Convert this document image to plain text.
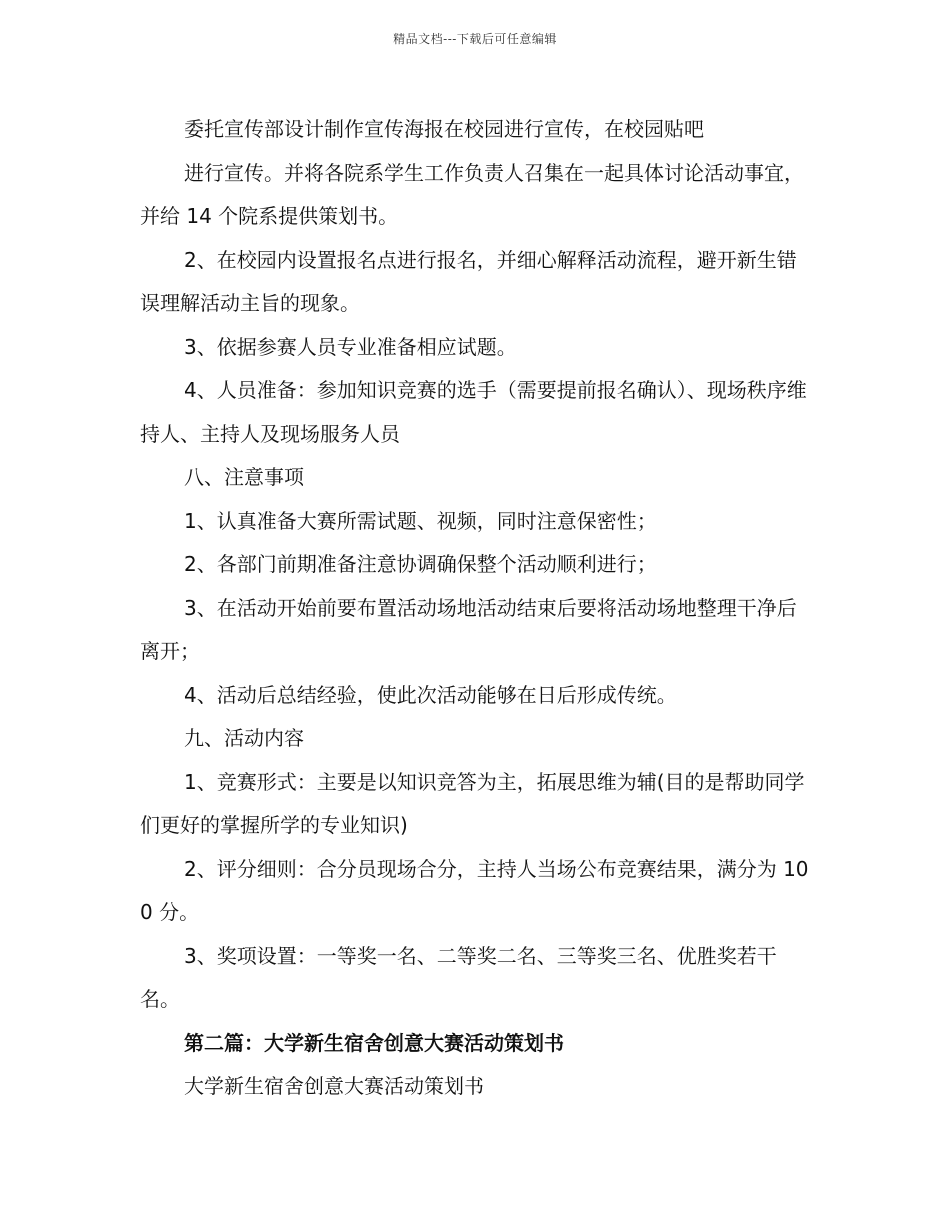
精品文档---下载后可任意编辑

委托宣传部设计制作宣传海报在校园进行宣传，在校园贴吧

进行宣传。并将各院系学生工作负责人召集在一起具体讨论活动事宜，并给 14 个院系提供策划书。

2、在校园内设置报名点进行报名，并细心解释活动流程，避开新生错误理解活动主旨的现象。

3、依据参赛人员专业准备相应试题。

4、人员准备：参加知识竞赛的选手（需要提前报名确认）、现场秩序维持人、主持人及现场服务人员

八、注意事项

1、认真准备大赛所需试题、视频，同时注意保密性；

2、各部门前期准备注意协调确保整个活动顺利进行；

3、在活动开始前要布置活动场地活动结束后要将活动场地整理干净后离开；

4、活动后总结经验，使此次活动能够在日后形成传统。

九、活动内容

1、竞赛形式：主要是以知识竞答为主，拓展思维为辅(目的是帮助同学们更好的掌握所学的专业知识)

2、评分细则：合分员现场合分，主持人当场公布竞赛结果，满分为 100 分。

3、奖项设置：一等奖一名、二等奖二名、三等奖三名、优胜奖若干名。

第二篇：大学新生宿舍创意大赛活动策划书

大学新生宿舍创意大赛活动策划书
